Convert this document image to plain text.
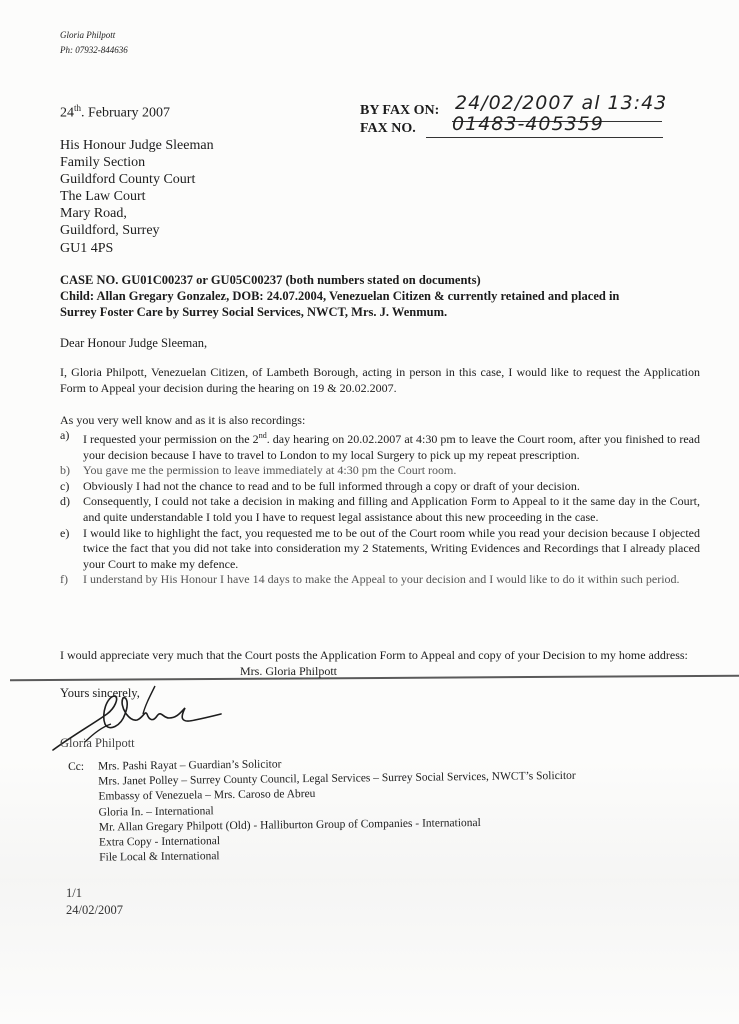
Gloria Philpott
Ph: 07932-844636
24th. February 2007	BY FAX ON: 24/02/2007 al 13:43
FAX NO. 01483-405359
His Honour Judge Sleeman
Family Section
Guildford County Court
The Law Court
Mary Road,
Guildford, Surrey
GU1 4PS
CASE NO. GU01C00237 or GU05C00237 (both numbers stated on documents)
Child: Allan Gregary Gonzalez, DOB: 24.07.2004, Venezuelan Citizen & currently retained and placed in
Surrey Foster Care by Surrey Social Services, NWCT, Mrs. J. Wenmum.
Dear Honour Judge Sleeman,
I, Gloria Philpott, Venezuelan Citizen, of Lambeth Borough, acting in person in this case, I would like to request the Application Form to Appeal your decision during the hearing on 19 & 20.02.2007.
As you very well know and as it is also recordings:
a) I requested your permission on the 2nd. day hearing on 20.02.2007 at 4:30 pm to leave the Court room, after you finished to read your decision because I have to travel to London to my local Surgery to pick up my repeat prescription.
b) You gave me the permission to leave immediately at 4:30 pm the Court room.
c) Obviously I had not the chance to read and to be full informed through a copy or draft of your decision.
d) Consequently, I could not take a decision in making and filling and Application Form to Appeal to it the same day in the Court, and quite understandable I told you I have to request legal assistance about this new proceeding in the case.
e) I would like to highlight the fact, you requested me to be out of the Court room while you read your decision because I objected twice the fact that you did not take into consideration my 2 Statements, Writing Evidences and Recordings that I already placed your Court to make my defence.
f) I understand by His Honour I have 14 days to make the Appeal to your decision and I would like to do it within such period.
I would appreciate very much that the Court posts the Application Form to Appeal and copy of your Decision to my home address:
Mrs. Gloria Philpott
Yours sincerely,
Gloria Philpott
Cc: Mrs. Pashi Rayat – Guardian’s Solicitor
Mrs. Janet Polley – Surrey County Council, Legal Services – Surrey Social Services, NWCT’s Solicitor
Embassy of Venezuela – Mrs. Caroso de Abreu
Gloria In. – International
Mr. Allan Gregary Philpott (Old) - Halliburton Group of Companies - International
Extra Copy - International
File Local & International
1/1
24/02/2007
